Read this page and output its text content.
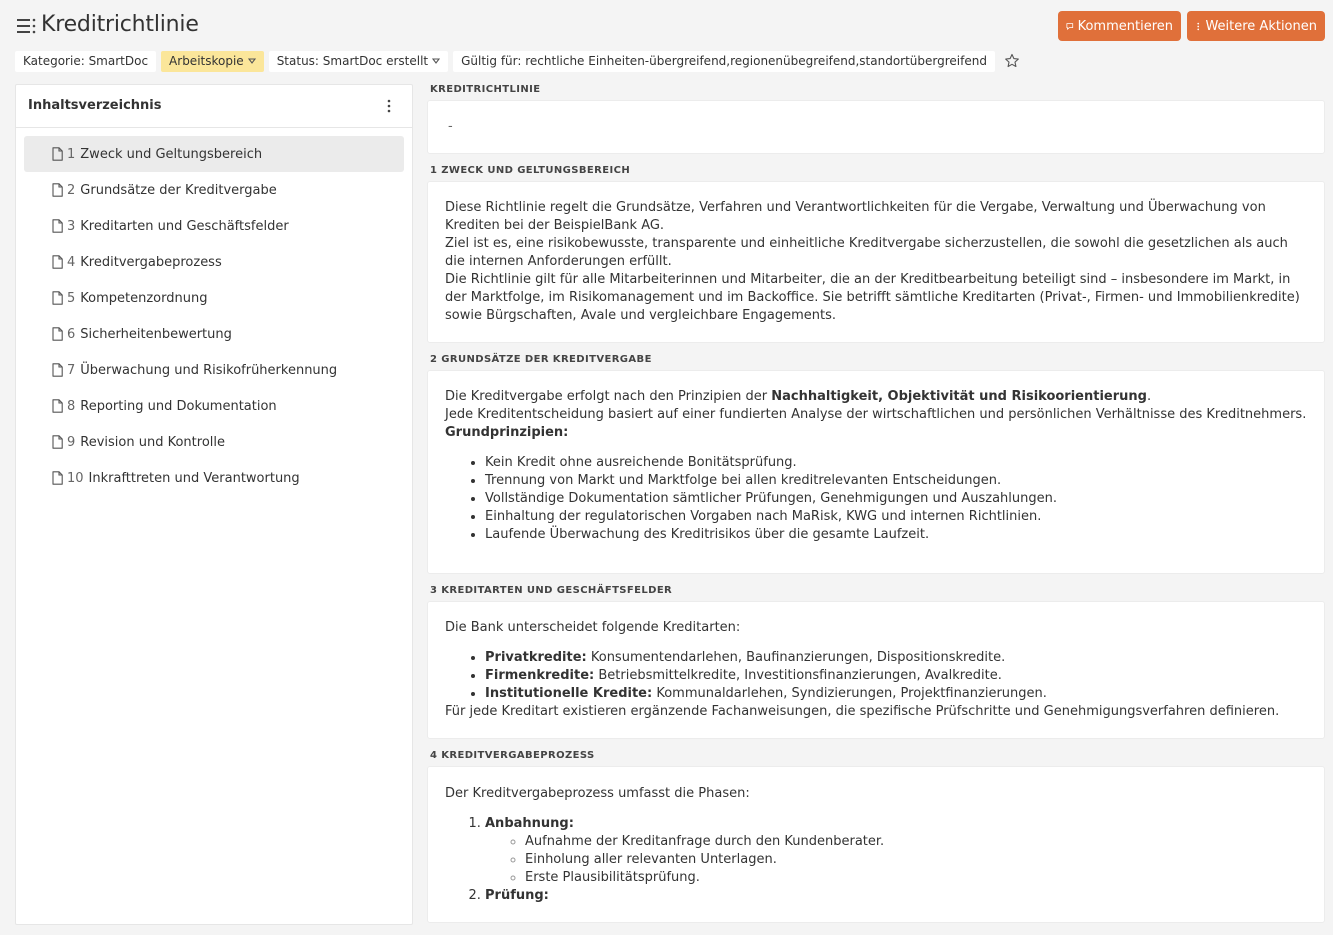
Kreditrichtlinie	Kommentieren Weitere Aktionen
Kategorie: SmartDoc Arbeitskopie	Status: SmartDoc erstellt	Gültig für: rechtliche Einheiten-übergreifend,regionenübegreifend,standortübergreifend
Inhaltsverzeichnis
1 Zweck und Geltungsbereich
2 Grundsätze der Kreditvergabe
3 Kreditarten und Geschäftsfelder
4 Kreditvergabeprozess
5 Kompetenzordnung
6 Sicherheitenbewertung
7 Überwachung und Risikofrüherkennung
8 Reporting und Dokumentation
9 Revision und Kontrolle
10 Inkrafttreten und Verantwortung
KREDITRICHTLINIE
-
1 ZWECK UND GELTUNGSBEREICH

Diese Richtlinie regelt die Grundsätze, Verfahren und Verantwortlichkeiten für die Vergabe, Verwaltung und Überwachung von Krediten bei der BeispielBank AG.

Ziel ist es, eine risikobewusste, transparente und einheitliche Kreditvergabe sicherzustellen, die sowohl die gesetzlichen als auch die internen Anforderungen erfüllt.

Die Richtlinie gilt für alle Mitarbeiterinnen und Mitarbeiter, die an der Kreditbearbeitung beteiligt sind – insbesondere im Markt, in der Marktfolge, im Risikomanagement und im Backoffice. Sie betrifft sämtliche Kreditarten (Privat-, Firmen- und Immobilienkredite) sowie Bürgschaften, Avale und vergleichbare Engagements.

2 GRUNDSÄTZE DER KREDITVERGABE

Die Kreditvergabe erfolgt nach den Prinzipien der Nachhaltigkeit, Objektivität und Risikoorientierung.

Jede Kreditentscheidung basiert auf einer fundierten Analyse der wirtschaftlichen und persönlichen Verhältnisse des Kreditnehmers.

Grundprinzipien:

• Kein Kredit ohne ausreichende Bonitätsprüfung.
• Trennung von Markt und Marktfolge bei allen kreditrelevanten Entscheidungen.
• Vollständige Dokumentation sämtlicher Prüfungen, Genehmigungen und Auszahlungen.
• Einhaltung der regulatorischen Vorgaben nach MaRisk, KWG und internen Richtlinien.
• Laufende Überwachung des Kreditrisikos über die gesamte Laufzeit.
3 KREDITARTEN UND GESCHÄFTSFELDER

Die Bank unterscheidet folgende Kreditarten:

• Privatkredite: Konsumentendarlehen, Baufinanzierungen, Dispositionskredite.
• Firmenkredite: Betriebsmittelkredite, Investitionsfinanzierungen, Avalkredite.
• Institutionelle Kredite: Kommunaldarlehen, Syndizierungen, Projektfinanzierungen.

Für jede Kreditart existieren ergänzende Fachanweisungen, die spezifische Prüfschritte und Genehmigungsverfahren definieren.

4 KREDITVERGABEPROZESS

Der Kreditvergabeprozess umfasst die Phasen:

1. Anbahnung:
◦ Aufnahme der Kreditanfrage durch den Kundenberater.
◦ Einholung aller relevanten Unterlagen.
◦ Erste Plausibilitätsprüfung.
2. Prüfung:
